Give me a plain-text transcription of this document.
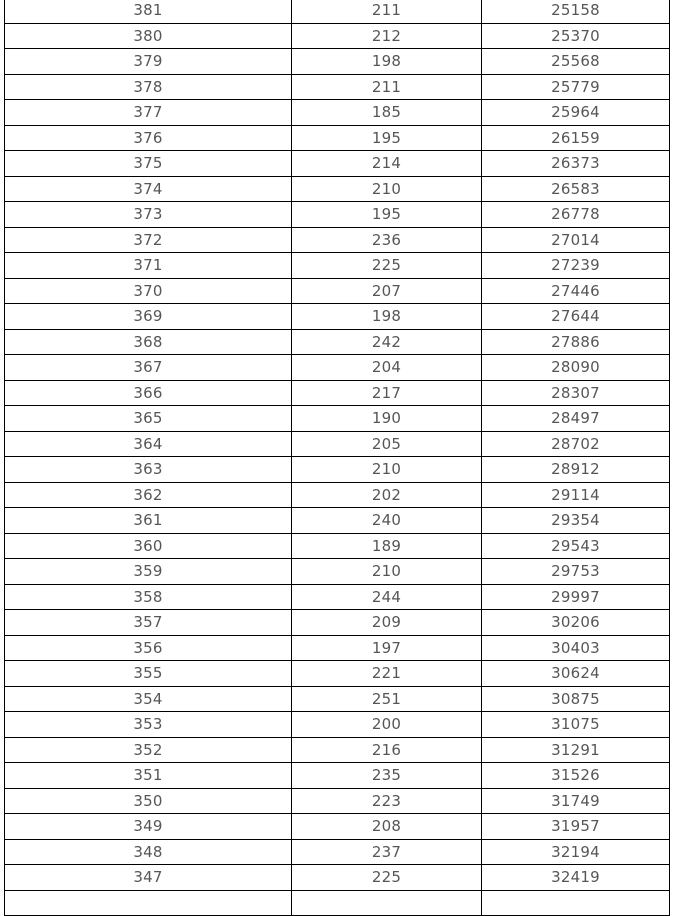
381	211	25158
380	212	25370
379	198	25568
378	211	25779
377	185	25964
376	195	26159
375	214	26373
374	210	26583
373	195	26778
372	236	27014
371	225	27239
370	207	27446
369	198	27644
368	242	27886
367	204	28090
366	217	28307
365	190	28497
364	205	28702
363	210	28912
362	202	29114
361	240	29354
360	189	29543
359	210	29753
358	244	29997
357	209	30206
356	197	30403
355	221	30624
354	251	30875
353	200	31075
352	216	31291
351	235	31526
350	223	31749
349	208	31957
348	237	32194
347	225	32419
